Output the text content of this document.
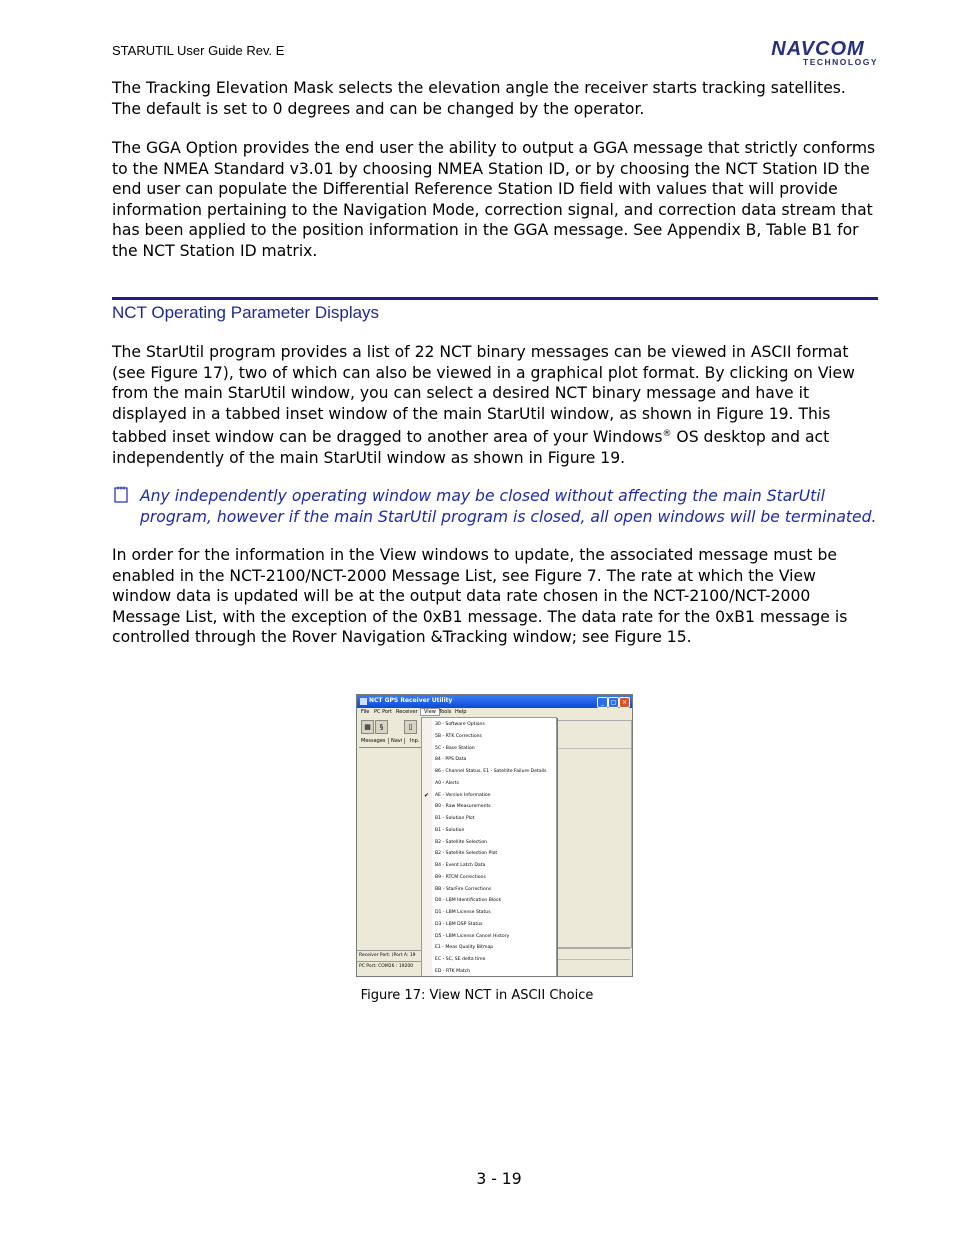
STARUTIL User Guide Rev. E	NAVCOM
TECHNOLOGY

The Tracking Elevation Mask selects the elevation angle the receiver starts tracking satellites. The default is set to 0 degrees and can be changed by the operator.

The GGA Option provides the end user the ability to output a GGA message that strictly conforms to the NMEA Standard v3.01 by choosing NMEA Station ID, or by choosing the NCT Station ID the end user can populate the Differential Reference Station ID field with values that will provide information pertaining to the Navigation Mode, correction signal, and correction data stream that has been applied to the position information in the GGA message. See Appendix B, Table B1 for the NCT Station ID matrix.

NCT Operating Parameter Displays

The StarUtil program provides a list of 22 NCT binary messages can be viewed in ASCII format (see Figure 17), two of which can also be viewed in a graphical plot format. By clicking on View from the main StarUtil window, you can select a desired NCT binary message and have it displayed in a tabbed inset window of the main StarUtil window, as shown in Figure 19. This tabbed inset window can be dragged to another area of your Windows® OS desktop and act independently of the main StarUtil window as shown in Figure 19.

Any independently operating window may be closed without affecting the main StarUtil program, however if the main StarUtil program is closed, all open windows will be terminated.

In order for the information in the View windows to update, the associated message must be enabled in the NCT-2100/NCT-2000 Message List, see Figure 7. The rate at which the View window data is updated will be at the output data rate chosen in the NCT-2100/NCT-2000 Message List, with the exception of the 0xB1 message. The data rate for the 0xB1 message is controlled through the Rover Navigation &Tracking window; see Figure 15.

NCT GPS Receiver Utility	_	□ ×
File PC Port Receiver	View Tools Help
▦	§	▯
Messages	Navi	Inp.
Receiver Port: (Port A: 19
PC Port: COM26 : 19200
30 - Software Options
5B - RTK Corrections
5C - Base Station
84 - PPS Data
86 - Channel Status, E1 - Satellite Failure Details
A0 - Alerts
AE - Version Information
✔
B0 - Raw Measurements
B1 - Solution Plot
B1 - Solution
B2 - Satellite Selection
B2 - Satellite Selection Plot
B4 - Event Latch Data
B9 - RTCM Corrections
BB - StarFire Corrections
D0 - LBM Identification Block
D1 - LBM License Status
D3 - LBM DSP Status
D5 - LBM License Cancel History
E1 - Meas Quality Bitmap
EC - SC, SE delta time
ED - RTK Match
Figure 17: View NCT in ASCII Choice
3 - 19
